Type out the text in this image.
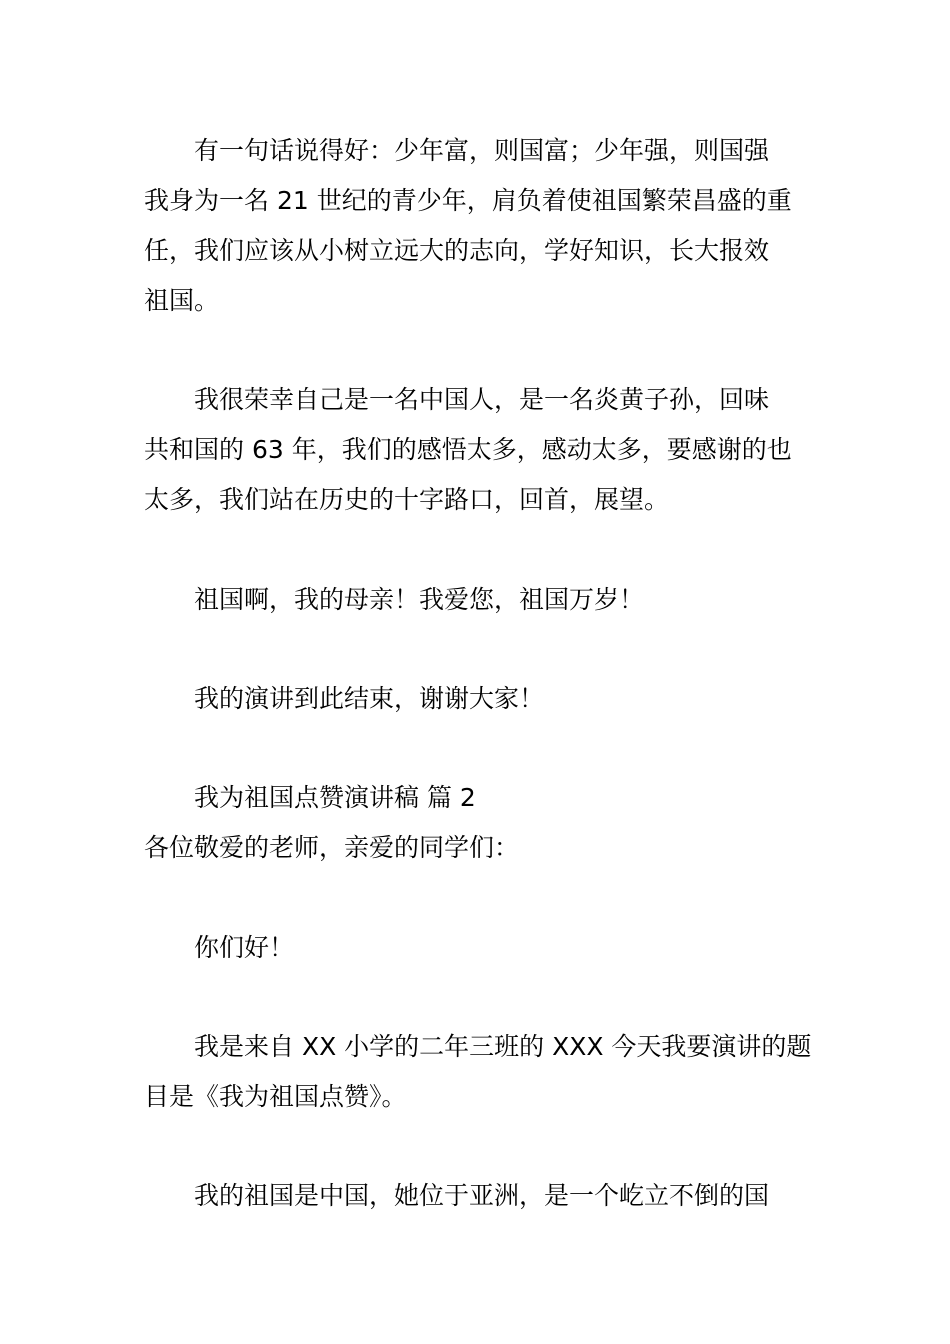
有一句话说得好：少年富，则国富；少年强，则国强
我身为一名 21 世纪的青少年，肩负着使祖国繁荣昌盛的重
任，我们应该从小树立远大的志向，学好知识，长大报效
祖国。
我很荣幸自己是一名中国人，是一名炎黄子孙，回味
共和国的 63 年，我们的感悟太多，感动太多，要感谢的也
太多，我们站在历史的十字路口，回首，展望。
祖国啊，我的母亲！我爱您，祖国万岁！
我的演讲到此结束，谢谢大家！
我为祖国点赞演讲稿 篇 2
各位敬爱的老师，亲爱的同学们：
你们好！
我是来自 XX 小学的二年三班的 XXX 今天我要演讲的题
目是《我为祖国点赞》。
我的祖国是中国，她位于亚洲，是一个屹立不倒的国
